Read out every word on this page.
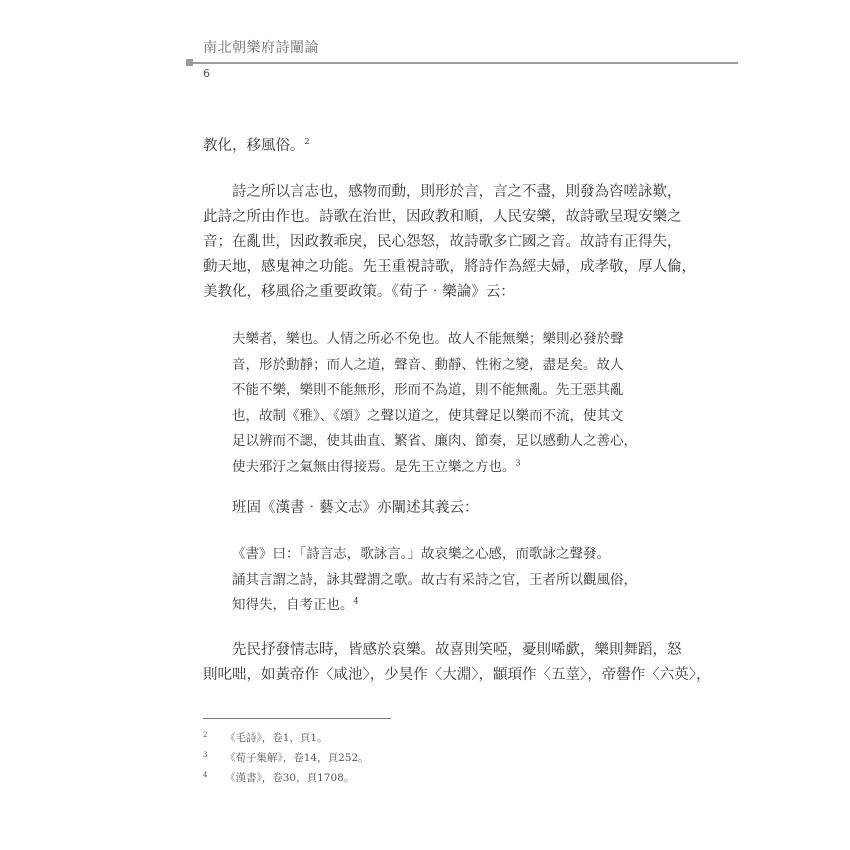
南北朝樂府詩闡論
6

教化，移風俗。$^2$

詩之所以言志也，感物而動，則形於言，言之不盡，則發為咨嗟詠歎，

此詩之所由作也。詩歌在治世，因政教和順，人民安樂，故詩歌呈現安樂之

音；在亂世，因政教乖戾，民心怨怒，故詩歌多亡國之音。故詩有正得失，

動天地，感鬼神之功能。先王重視詩歌，將詩作為經夫婦，成孝敬，厚人倫，

美教化，移風俗之重要政策。《荀子‧樂論》云：

夫樂者，樂也。人情之所必不免也。故人不能無樂；樂則必發於聲

音，形於動靜；而人之道，聲音、動靜、性術之變，盡是矣。故人

不能不樂，樂則不能無形，形而不為道，則不能無亂。先王惡其亂

也，故制《雅》、《頌》之聲以道之，使其聲足以樂而不流，使其文

足以辨而不諰，使其曲直、繁省、廉肉、節奏，足以感動人之善心，

使夫邪汙之氣無由得接焉。是先王立樂之方也。$^3$

班固《漢書‧藝文志》亦闡述其義云：

《書》曰：「詩言志，歌詠言。」故哀樂之心感，而歌詠之聲發。

誦其言謂之詩，詠其聲謂之歌。故古有采詩之官，王者所以觀風俗，

知得失，自考正也。$^4$

先民抒發情志時，皆感於哀樂。故喜則笑啞，憂則唏歔，樂則舞蹈，怒

則叱咄，如黃帝作〈咸池〉，少昊作〈大淵〉，顓頊作〈五莖〉，帝嚳作〈六英〉，

2 《毛詩》，卷1，頁1。
3 《荀子集解》，卷14，頁252。
4 《漢書》，卷30，頁1708。
